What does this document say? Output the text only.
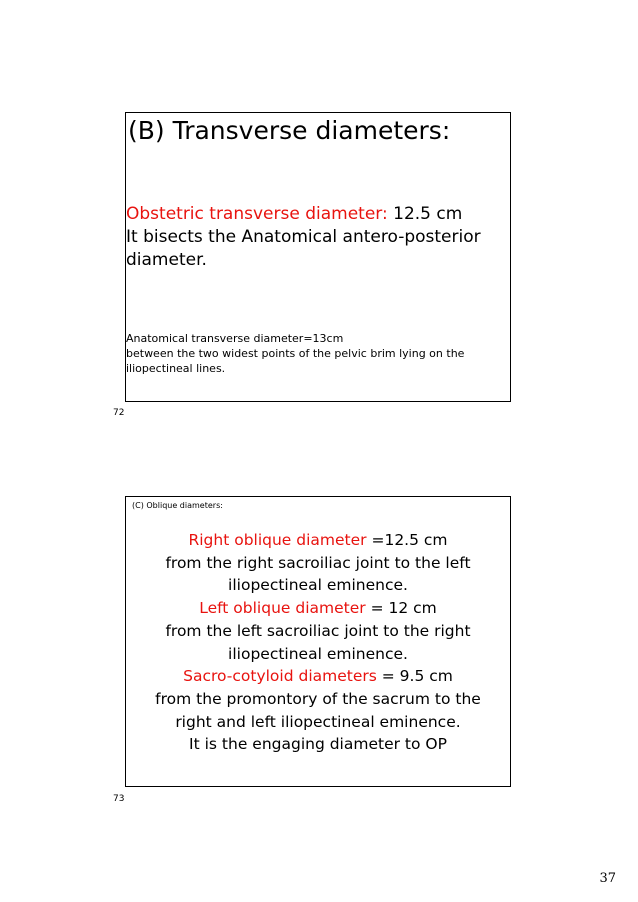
(B) Transverse diameters:
Obstetric transverse diameter: 12.5 cm
It bisects the Anatomical antero-posterior diameter.
Anatomical transverse diameter=13cm
between the two widest points of the pelvic brim lying on the iliopectineal lines.
72
(C) Oblique diameters:
Right oblique diameter =12.5 cm
from the right sacroiliac joint to the left
iliopectineal eminence.
Left oblique diameter = 12 cm
from the left sacroiliac joint to the right
iliopectineal eminence.
Sacro-cotyloid diameters = 9.5 cm
from the promontory of the sacrum to the
right and left iliopectineal eminence.
It is the engaging diameter to OP
73
37
